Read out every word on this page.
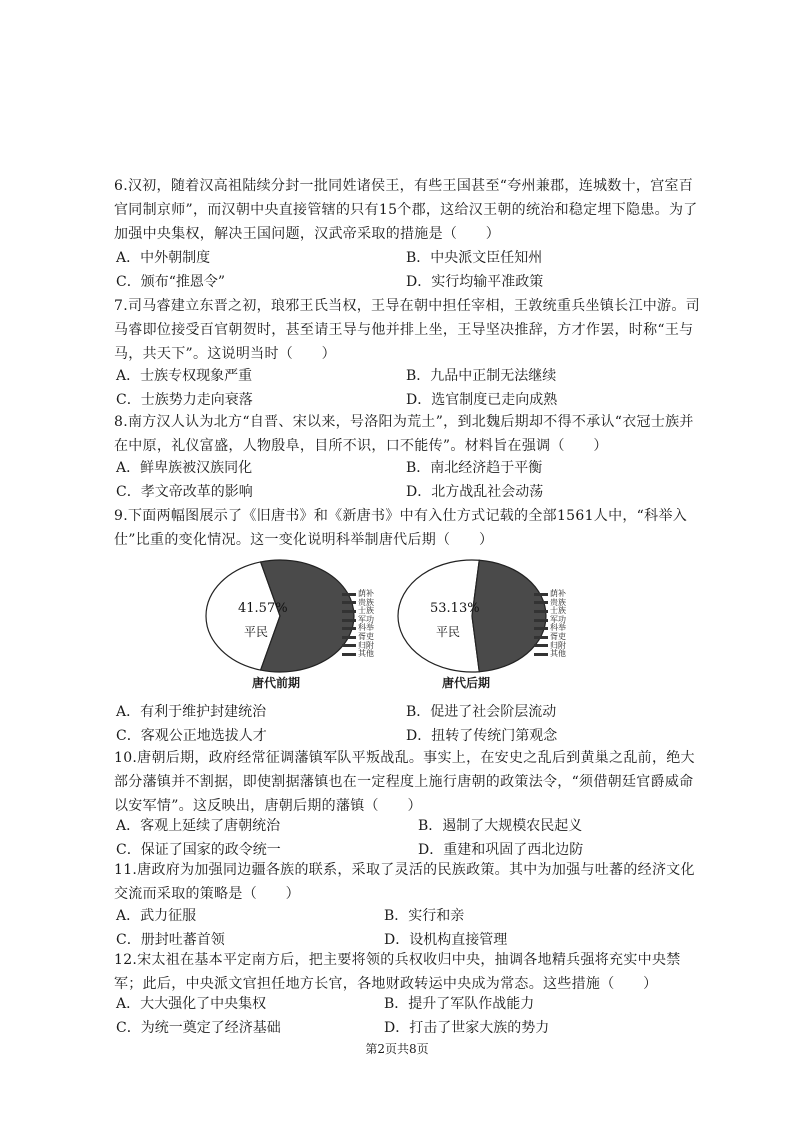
6.汉初，随着汉高祖陆续分封一批同姓诸侯王，有些王国甚至“夸州兼郡，连城数十，宫室百官同制京师”，而汉朝中央直接管辖的只有15个郡，这给汉王朝的统治和稳定埋下隐患。为了加强中央集权，解决王国问题，汉武帝采取的措施是（　　）
A．中外朝制度	B．中央派文臣任知州
C．颁布“推恩令”	D．实行均输平准政策
7.司马睿建立东晋之初，琅邪王氏当权，王导在朝中担任宰相，王敦统重兵坐镇长江中游。司马睿即位接受百官朝贺时，甚至请王导与他并排上坐，王导坚决推辞，方才作罢，时称“王与马，共天下”。这说明当时（　　）
A．士族专权现象严重	B．九品中正制无法继续
C．士族势力走向衰落	D．选官制度已走向成熟
8.南方汉人认为北方“自晋、宋以来，号洛阳为荒土”，到北魏后期却不得不承认“衣冠士族并在中原，礼仪富盛，人物殷阜，目所不识，口不能传”。材料旨在强调（　　）
A．鲜卑族被汉族同化	B．南北经济趋于平衡
C．孝文帝改革的影响	D．北方战乱社会动荡
9.下面两幅图展示了《旧唐书》和《新唐书》中有入仕方式记载的全部1561人中，“科举入仕”比重的变化情况。这一变化说明科举制唐代后期（　　）
41.57%
平民
唐代前期
荫补
贵族
士族
军功
科举
胥吏
归附
其他
53.13%
平民
唐代后期
荫补
贵族
士族
军功
科举
胥吏
归附
其他
A．有利于维护封建统治	B．促进了社会阶层流动
C．客观公正地选拔人才	D．扭转了传统门第观念
10.唐朝后期，政府经常征调藩镇军队平叛战乱。事实上，在安史之乱后到黄巢之乱前，绝大部分藩镇并不割据，即使割据藩镇也在一定程度上施行唐朝的政策法令，“须借朝廷官爵威命以安军情”。这反映出，唐朝后期的藩镇（　　）
A．客观上延续了唐朝统治	B．遏制了大规模农民起义
C．保证了国家的政令统一	D．重建和巩固了西北边防
11.唐政府为加强同边疆各族的联系，采取了灵活的民族政策。其中为加强与吐蕃的经济文化交流而采取的策略是（　　）
A．武力征服	B．实行和亲
C．册封吐蕃首领	D．设机构直接管理
12.宋太祖在基本平定南方后，把主要将领的兵权收归中央，抽调各地精兵强将充实中央禁军；此后，中央派文官担任地方长官，各地财政转运中央成为常态。这些措施（　　）
A．大大强化了中央集权	B．提升了军队作战能力
C．为统一奠定了经济基础	D．打击了世家大族的势力
第2页共8页
